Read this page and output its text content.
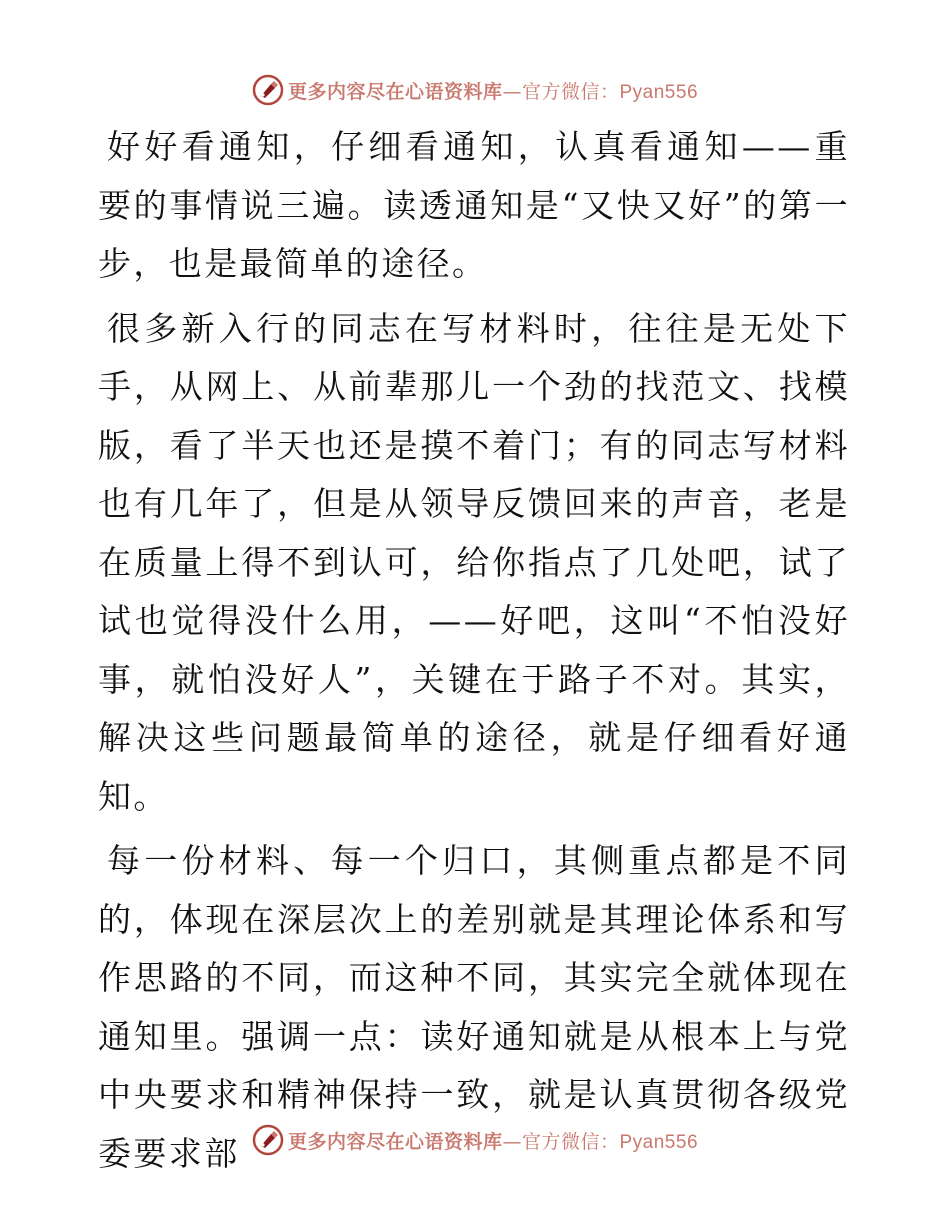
更多内容尽在心语资料库—官方微信：Pyan556

好好看通知，仔细看通知，认真看通知——重要的事情说三遍。读透通知是“又快又好”的第一步，也是最简单的途径。

很多新入行的同志在写材料时，往往是无处下手，从网上、从前辈那儿一个劲的找范文、找模版，看了半天也还是摸不着门；有的同志写材料也有几年了，但是从领导反馈回来的声音，老是在质量上得不到认可，给你指点了几处吧，试了试也觉得没什么用，——好吧，这叫“不怕没好事，就怕没好人”，关键在于路子不对。其实，解决这些问题最简单的途径，就是仔细看好通知。

每一份材料、每一个归口，其侧重点都是不同的，体现在深层次上的差别就是其理论体系和写作思路的不同，而这种不同，其实完全就体现在通知里。强调一点：读好通知就是从根本上与党中央要求和精神保持一致，就是认真贯彻各级党委要求部	更多内容尽在心语资料库—官方微信：Pyan556
